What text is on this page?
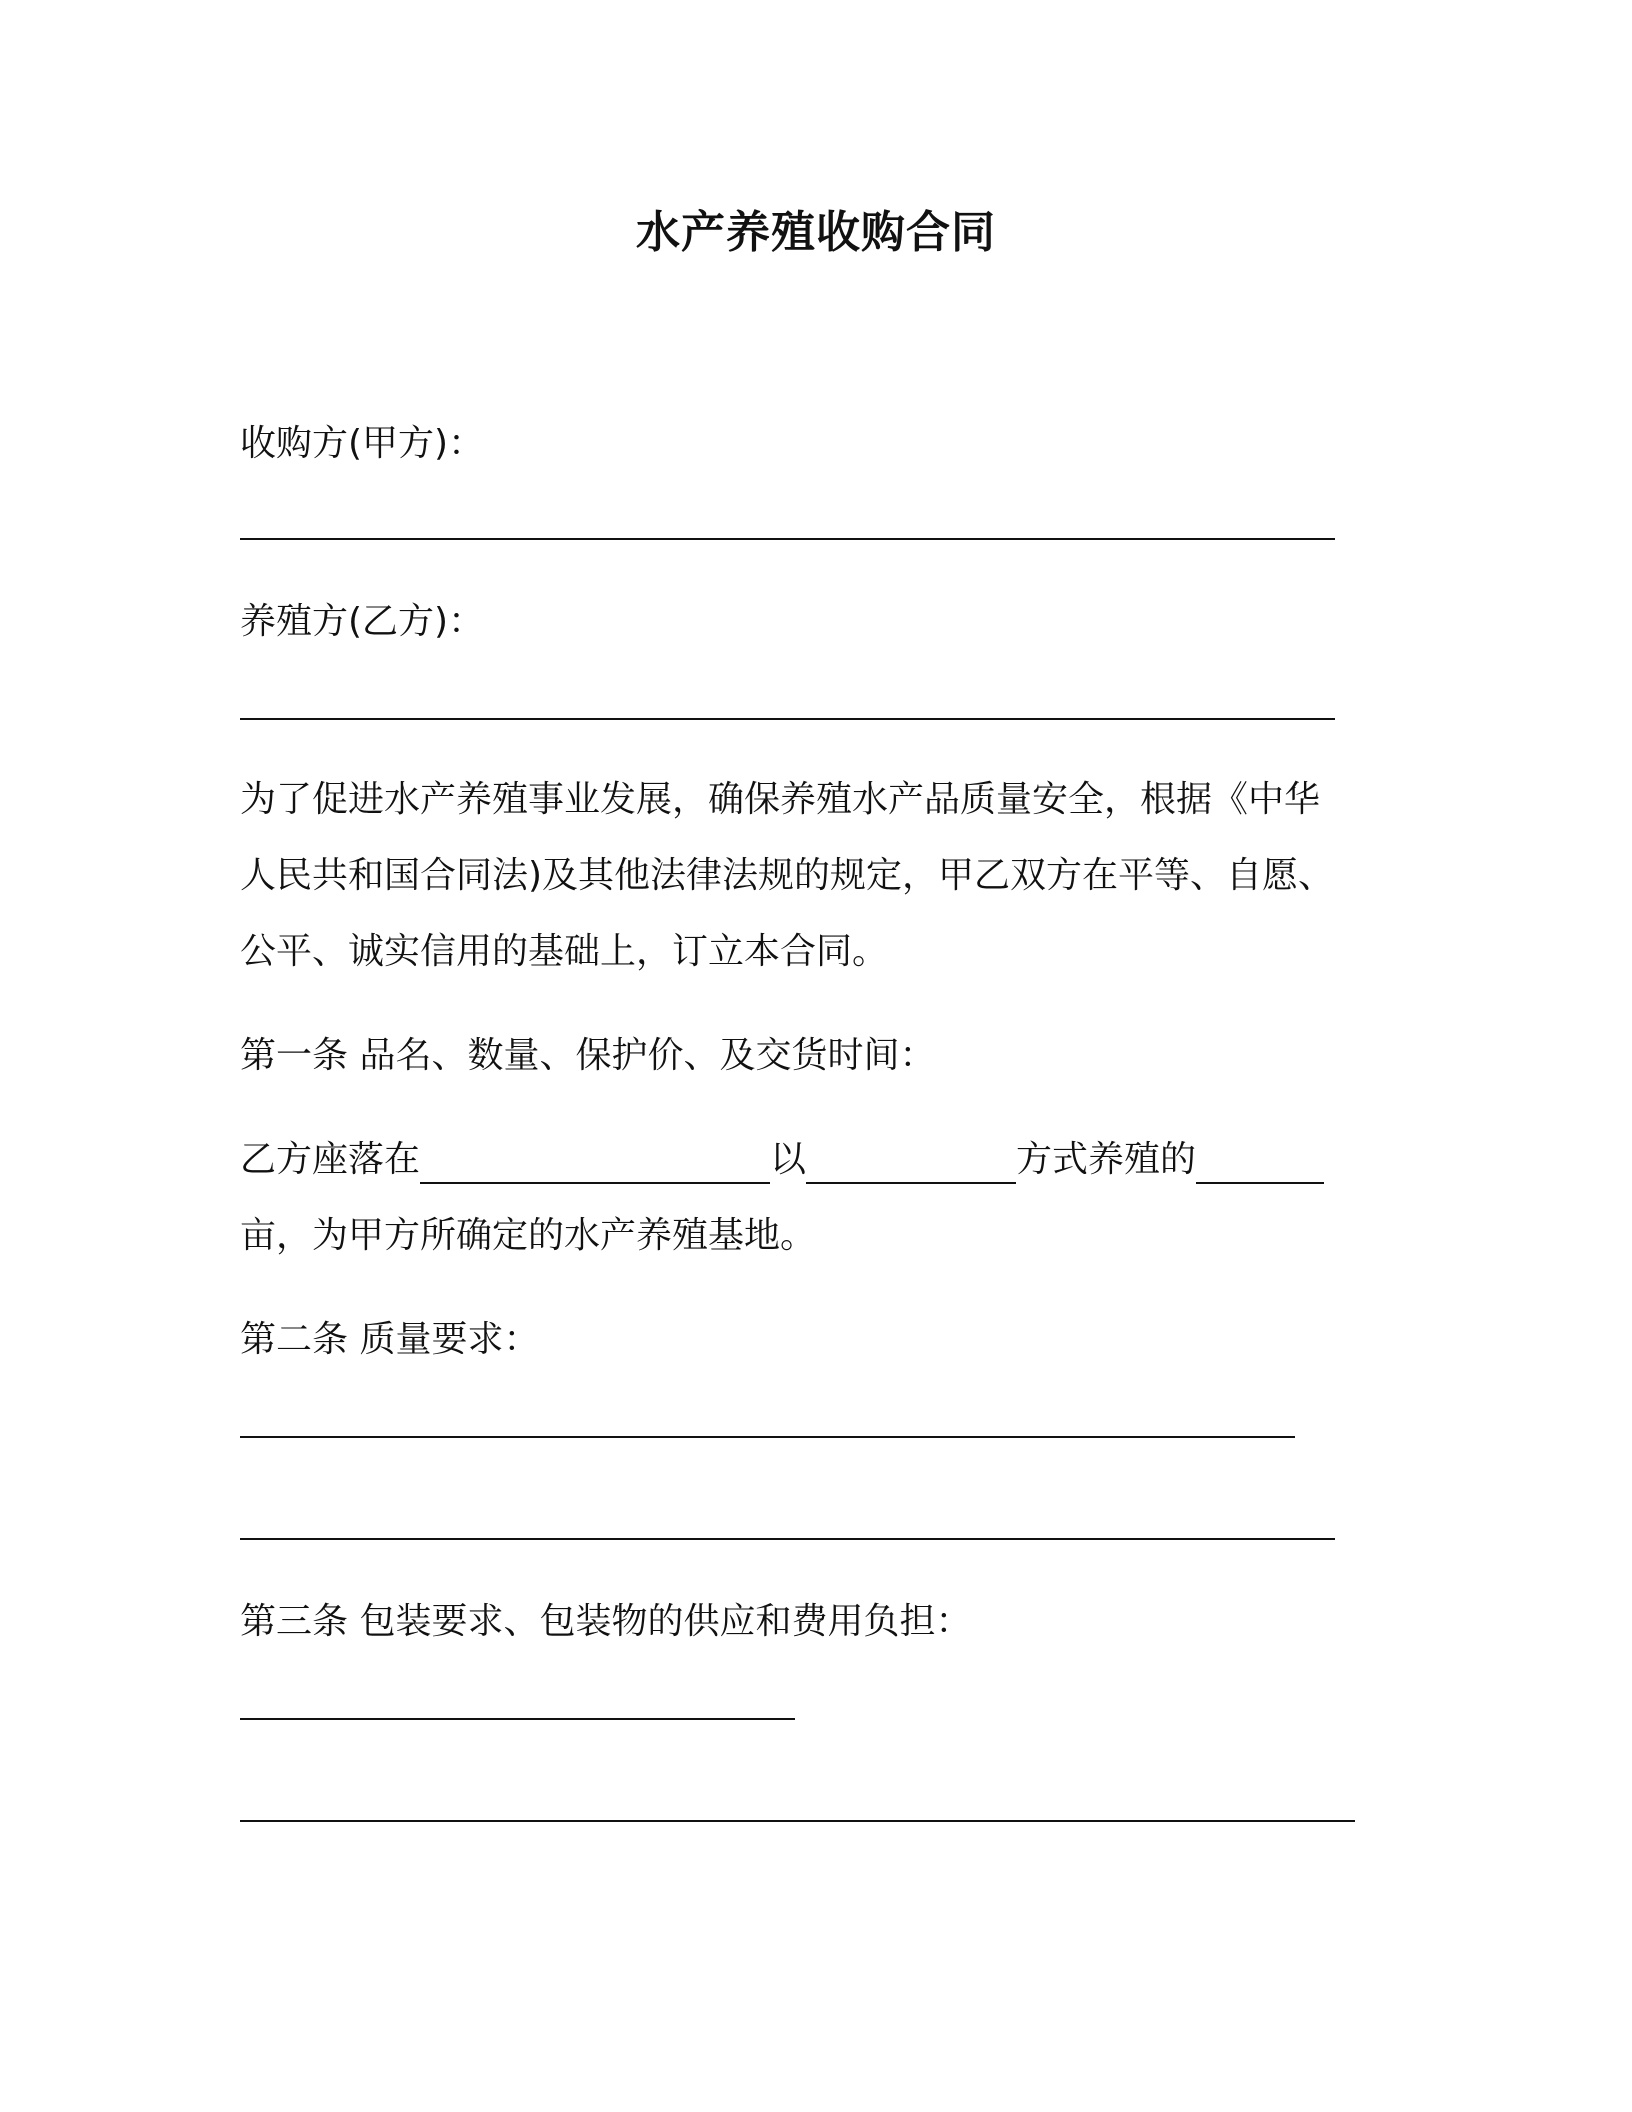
水产养殖收购合同
收购方(甲方)：
养殖方(乙方)：
为了促进水产养殖事业发展，确保养殖水产品质量安全，根据《中华
人民共和国合同法)及其他法律法规的规定，甲乙双方在平等、自愿、
公平、诚实信用的基础上，订立本合同。
第一条 品名、数量、保护价、及交货时间：
乙方座落在	以	方式养殖的
亩，为甲方所确定的水产养殖基地。
第二条 质量要求：
第三条 包装要求、包装物的供应和费用负担：
